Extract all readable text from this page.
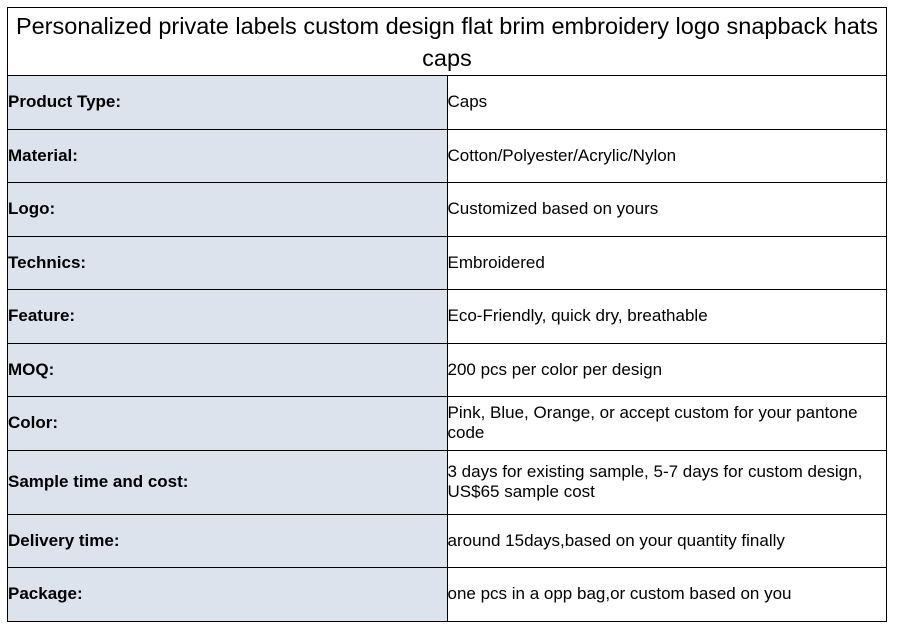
Personalized private labels custom design flat brim embroidery logo snapback hats caps	
Product Type:	Caps
Material:	Cotton/Polyester/Acrylic/Nylon
Logo:	Customized based on yours
Technics:	Embroidered
Feature:	Eco-Friendly, quick dry, breathable
MOQ:	200 pcs per color per design
Color:	Pink, Blue, Orange, or accept custom for your pantone code
Sample time and cost:	3 days for existing sample, 5-7 days for custom design, US$65 sample cost
Delivery time:	around 15days,based on your quantity finally
Package:	one pcs in a opp bag,or custom based on you
